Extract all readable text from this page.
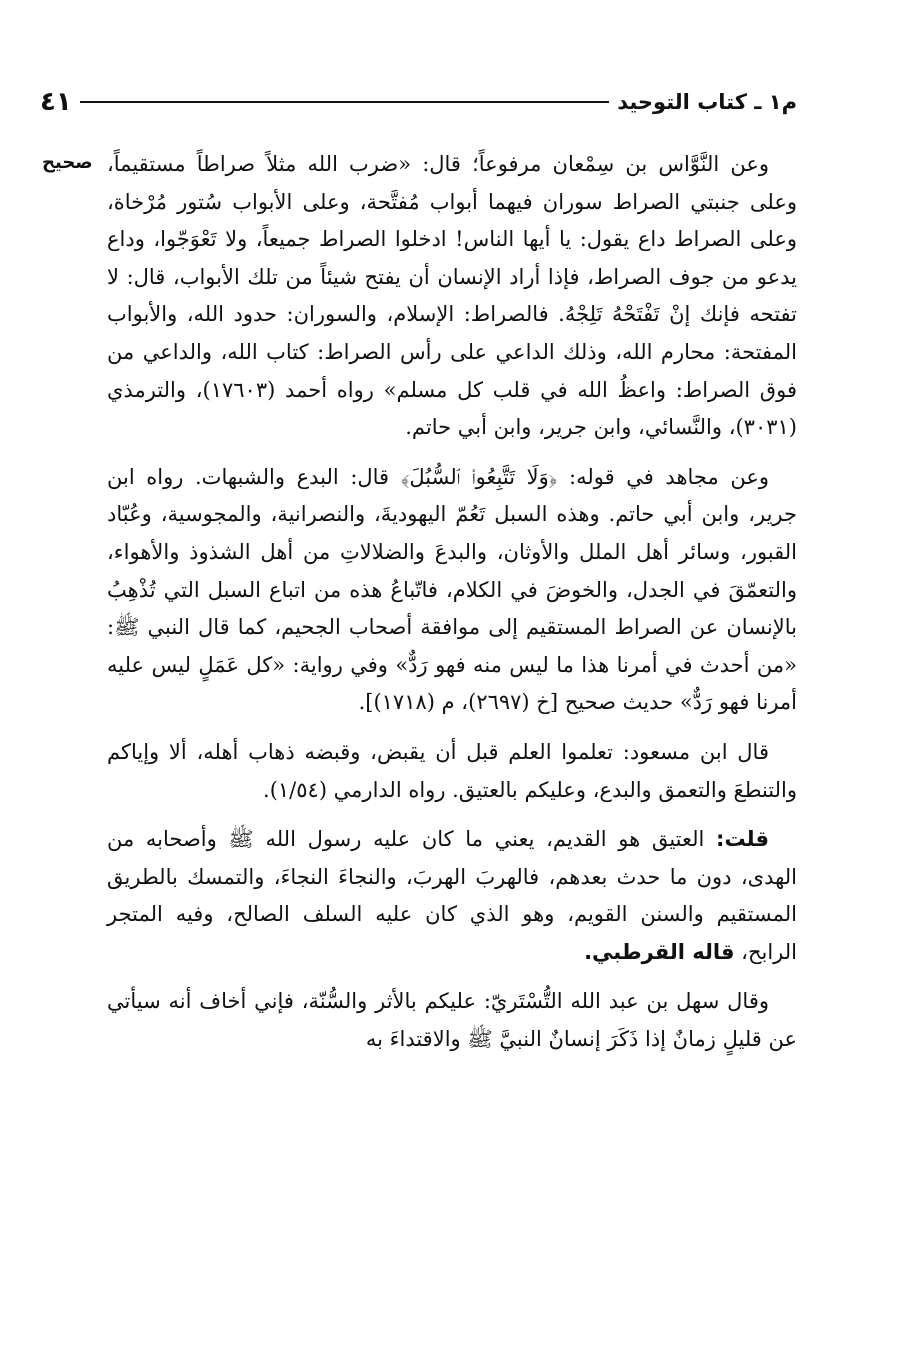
م١ ـ كتاب التوحيد
٤١
صحيح وعن النَّوَّاس بن سِمْعان مرفوعاً؛ قال: «ضرب الله مثلاً صراطاً مستقيماً، وعلى جنبتي الصراط سوران فيهما أبواب مُفتَّحة، وعلى الأبواب سُتور مُرْخاة، وعلى الصراط داع يقول: يا أيها الناس! ادخلوا الصراط جميعاً، ولا تَعْوَجّوا، وداع يدعو من جوف الصراط، فإذا أراد الإنسان أن يفتح شيئاً من تلك الأبواب، قال: لا تفتحه فإنك إنْ تَفْتَحْهُ تَلِجْهُ. فالصراط: الإسلام، والسوران: حدود الله، والأبواب المفتحة: محارم الله، وذلك الداعي على رأس الصراط: كتاب الله، والداعي من فوق الصراط: واعظُ الله في قلب كل مسلم» رواه أحمد (١٧٦٠٣)، والترمذي (٣٠٣١)، والنَّسائي، وابن جرير، وابن أبي حاتم.

وعن مجاهد في قوله: ﴿وَلَا تَتَّبِعُوا۟ ٱلسُّبُلَ﴾ قال: البدع والشبهات. رواه ابن جرير، وابن أبي حاتم. وهذه السبل تَعُمّ اليهوديةَ، والنصرانية، والمجوسية، وعُبّاد القبور، وسائر أهل الملل والأوثان، والبدعَ والضلالاتِ من أهل الشذوذ والأهواء، والتعمّقَ في الجدل، والخوضَ في الكلام، فاتّباعُ هذه من اتباع السبل التي تُذْهِبُ بالإنسان عن الصراط المستقيم إلى موافقة أصحاب الجحيم، كما قال النبي ﷺ: «من أحدث في أمرنا هذا ما ليس منه فهو رَدٌّ» وفي رواية: «كل عَمَلٍ ليس عليه أمرنا فهو رَدٌّ» حديث صحيح [خ (٢٦٩٧)، م (١٧١٨)].

قال ابن مسعود: تعلموا العلم قبل أن يقبض، وقبضه ذهاب أهله، ألا وإياكم والتنطعَ والتعمق والبدع، وعليكم بالعتيق. رواه الدارمي (١/٥٤).

قلت: العتيق هو القديم، يعني ما كان عليه رسول الله ﷺ وأصحابه من الهدى، دون ما حدث بعدهم، فالهربَ الهربَ، والنجاءَ النجاءَ، والتمسك بالطريق المستقيم والسنن القويم، وهو الذي كان عليه السلف الصالح، وفيه المتجر الرابح، قاله القرطبي.

وقال سهل بن عبد الله التُّسْتَريّ: عليكم بالأثر والسُّنّة، فإني أخاف أنه سيأتي عن قليلٍ زمانٌ إذا ذَكَرَ إنسانٌ النبيَّ ﷺ والاقتداءَ به
